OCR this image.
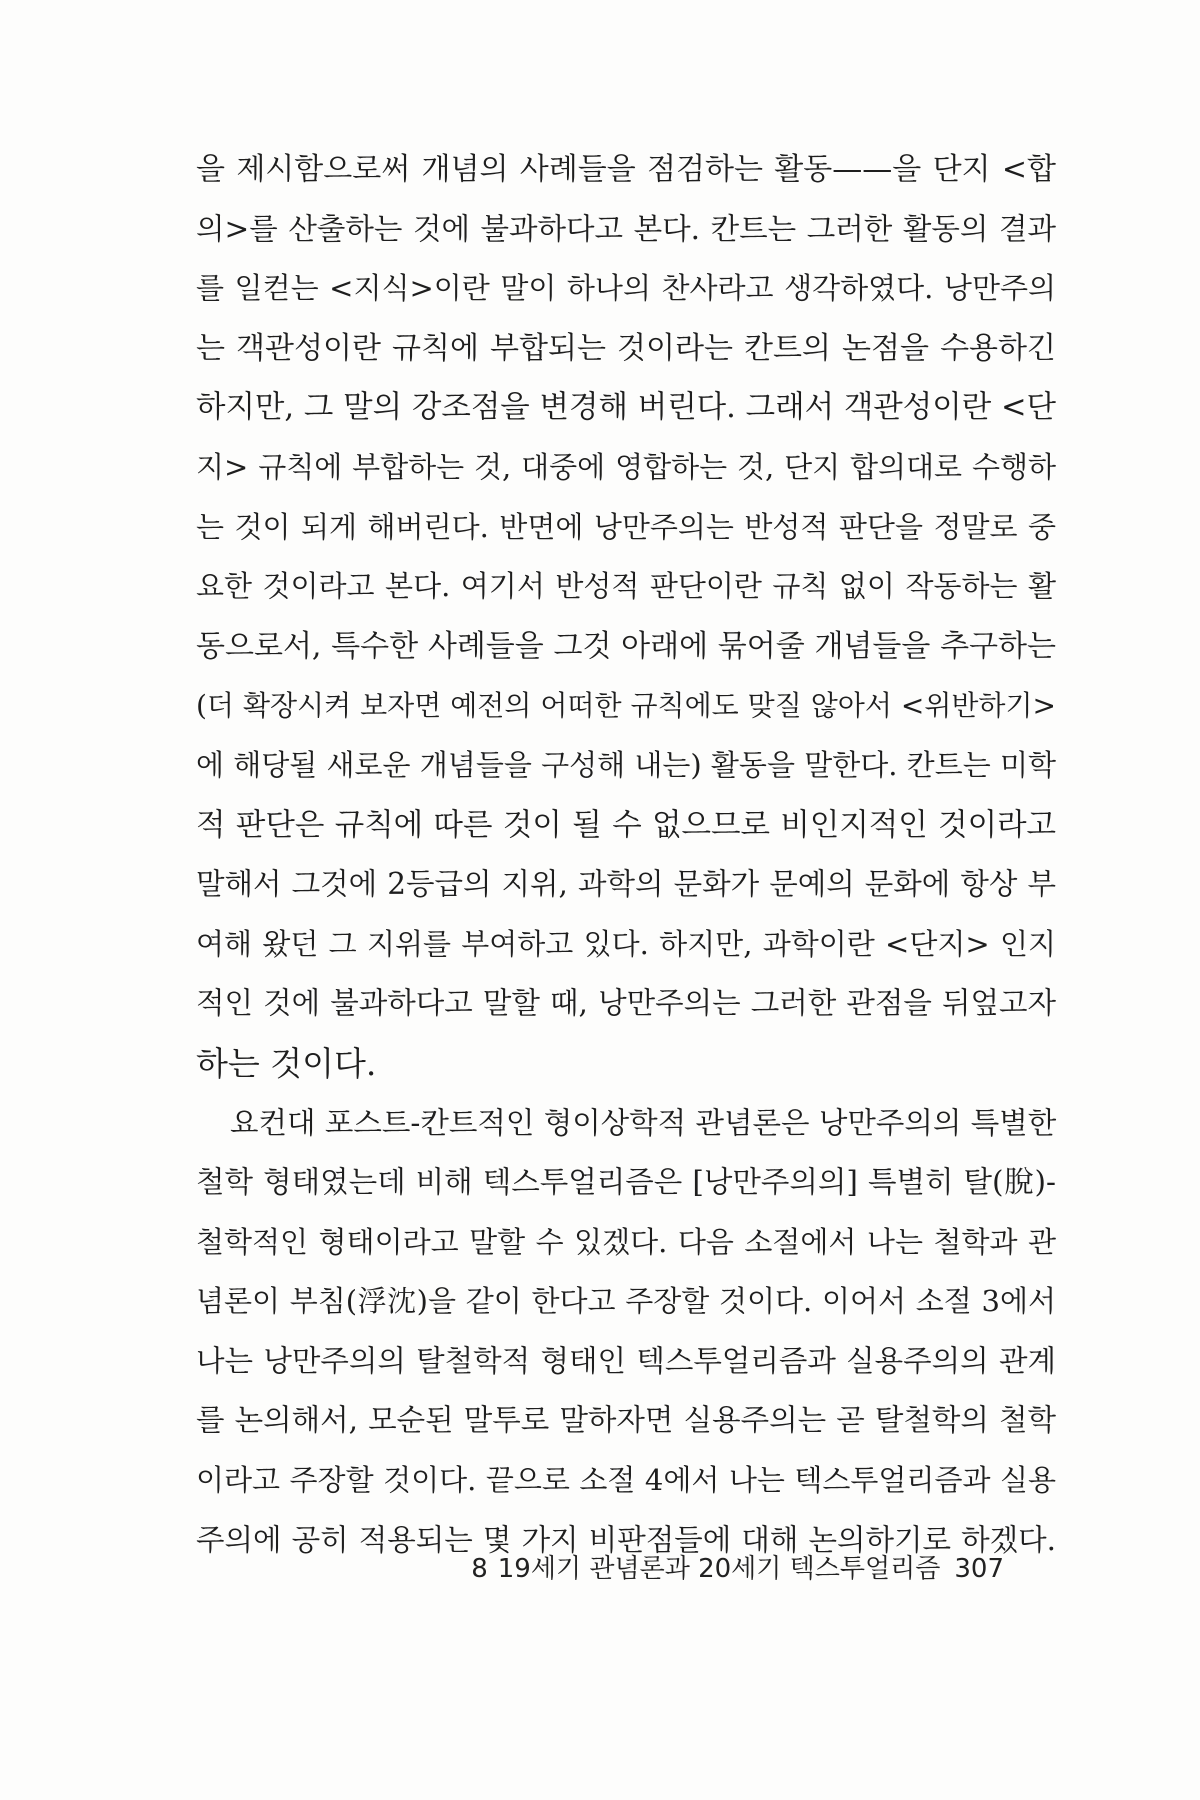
을 제시함으로써 개념의 사례들을 점검하는 활동——을 단지 <합
의>를 산출하는 것에 불과하다고 본다. 칸트는 그러한 활동의 결과
를 일컫는 <지식>이란 말이 하나의 찬사라고 생각하였다. 낭만주의
는 객관성이란 규칙에 부합되는 것이라는 칸트의 논점을 수용하긴
하지만, 그 말의 강조점을 변경해 버린다. 그래서 객관성이란 <단
지> 규칙에 부합하는 것, 대중에 영합하는 것, 단지 합의대로 수행하
는 것이 되게 해버린다. 반면에 낭만주의는 반성적 판단을 정말로 중
요한 것이라고 본다. 여기서 반성적 판단이란 규칙 없이 작동하는 활
동으로서, 특수한 사례들을 그것 아래에 묶어줄 개념들을 추구하는
(더 확장시켜 보자면 예전의 어떠한 규칙에도 맞질 않아서 <위반하기>
에 해당될 새로운 개념들을 구성해 내는) 활동을 말한다. 칸트는 미학
적 판단은 규칙에 따른 것이 될 수 없으므로 비인지적인 것이라고
말해서 그것에 2등급의 지위, 과학의 문화가 문예의 문화에 항상 부
여해 왔던 그 지위를 부여하고 있다. 하지만, 과학이란 <단지> 인지
적인 것에 불과하다고 말할 때, 낭만주의는 그러한 관점을 뒤엎고자
하는 것이다.
요컨대 포스트-칸트적인 형이상학적 관념론은 낭만주의의 특별한
철학 형태였는데 비해 텍스투얼리즘은 [낭만주의의] 특별히 탈(脫)-
철학적인 형태이라고 말할 수 있겠다. 다음 소절에서 나는 철학과 관
념론이 부침(浮沈)을 같이 한다고 주장할 것이다. 이어서 소절 3에서
나는 낭만주의의 탈철학적 형태인 텍스투얼리즘과 실용주의의 관계
를 논의해서, 모순된 말투로 말하자면 실용주의는 곧 탈철학의 철학
이라고 주장할 것이다. 끝으로 소절 4에서 나는 텍스투얼리즘과 실용
주의에 공히 적용되는 몇 가지 비판점들에 대해 논의하기로 하겠다.
8 19세기 관념론과 20세기 텍스투얼리즘 307
